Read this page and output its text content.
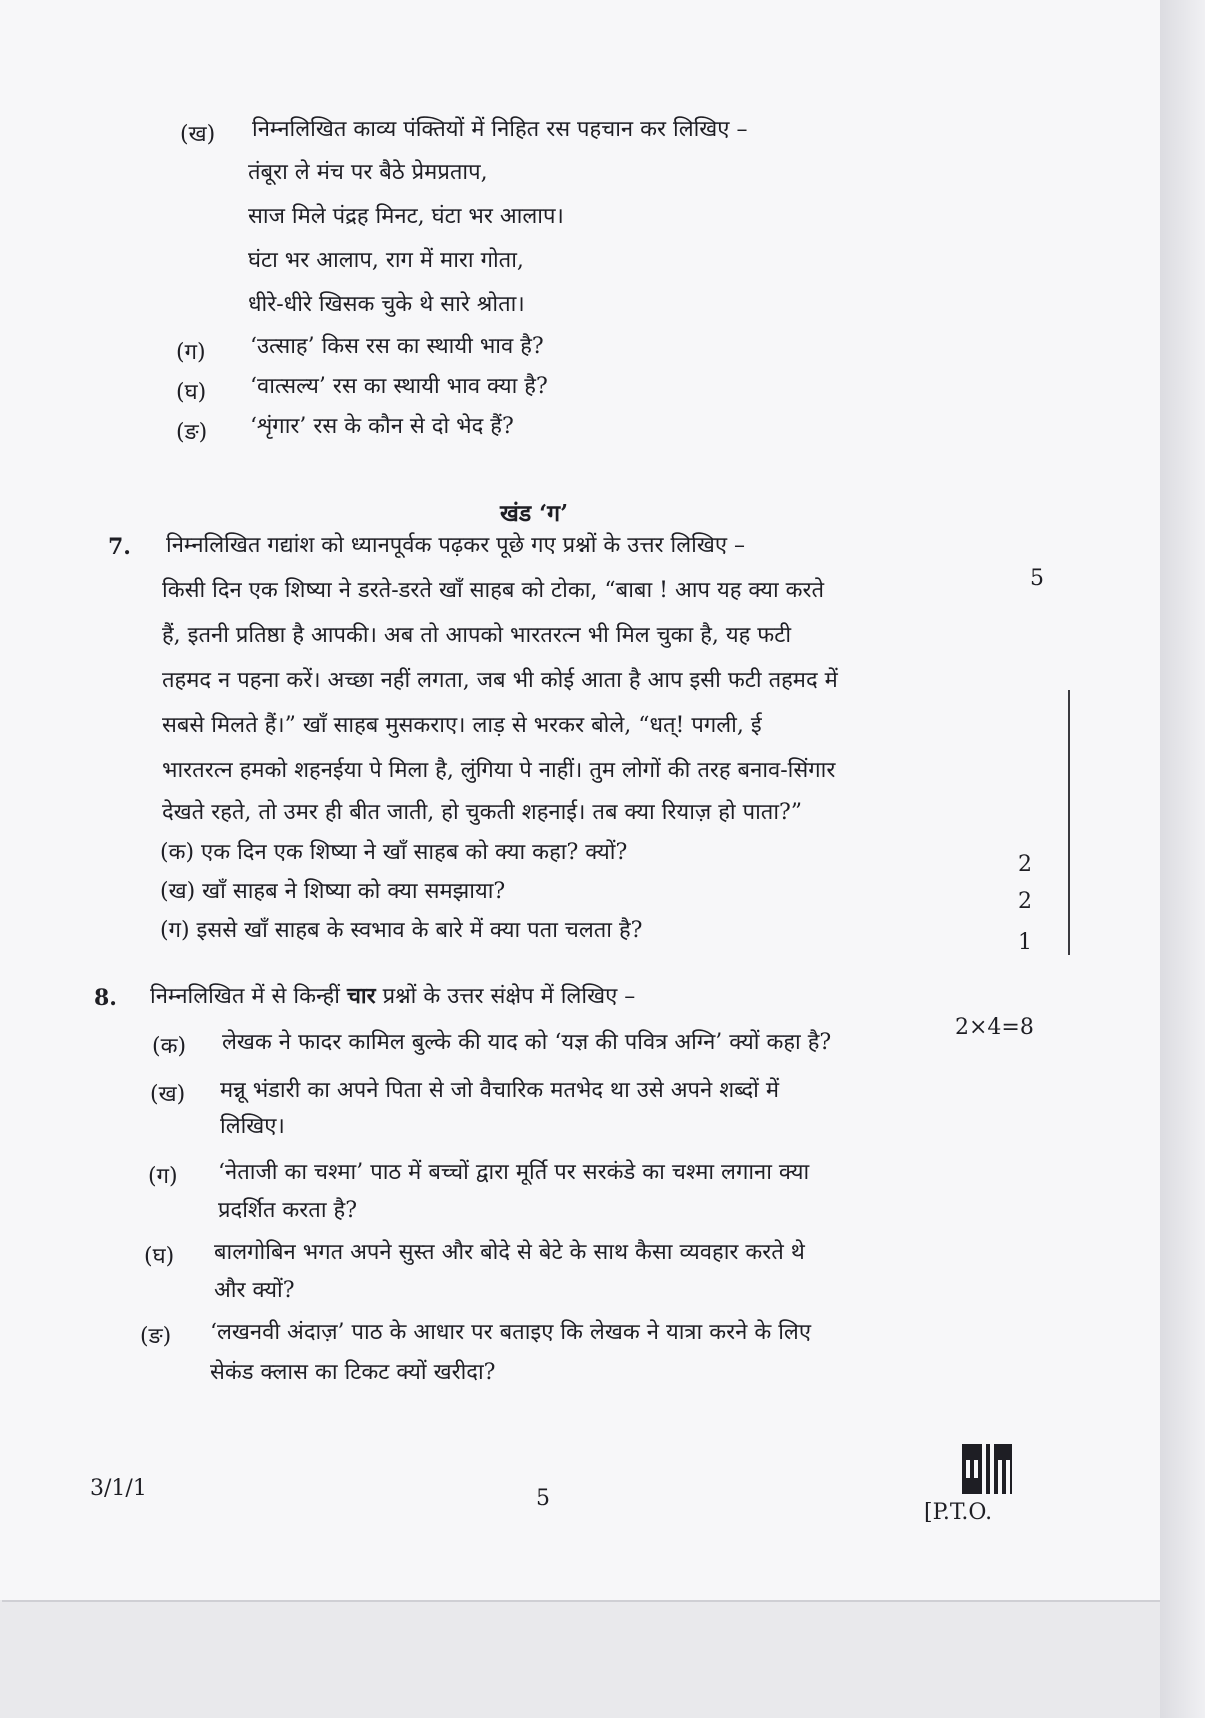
(ख) निम्नलिखित काव्य पंक्तियों में निहित रस पहचान कर लिखिए –
तंबूरा ले मंच पर बैठे प्रेमप्रताप,
साज मिले पंद्रह मिनट, घंटा भर आलाप।
घंटा भर आलाप, राग में मारा गोता,
धीरे-धीरे खिसक चुके थे सारे श्रोता।
(ग) ‘उत्साह’ किस रस का स्थायी भाव है?
(घ) ‘वात्सल्य’ रस का स्थायी भाव क्या है?
(ङ) ‘शृंगार’ रस के कौन से दो भेद हैं?
खंड ‘ग’
7.
5
निम्नलिखित गद्यांश को ध्यानपूर्वक पढ़कर पूछे गए प्रश्नों के उत्तर लिखिए –
किसी दिन एक शिष्या ने डरते-डरते खाँ साहब को टोका, “बाबा ! आप यह क्या करते
हैं, इतनी प्रतिष्ठा है आपकी। अब तो आपको भारतरत्न भी मिल चुका है, यह फटी
तहमद न पहना करें। अच्छा नहीं लगता, जब भी कोई आता है आप इसी फटी तहमद में
सबसे मिलते हैं।” खाँ साहब मुसकराए। लाड़ से भरकर बोले, “धत्! पगली, ई
भारतरत्न हमको शहनईया पे मिला है, लुंगिया पे नाहीं। तुम लोगों की तरह बनाव-सिंगार
देखते रहते, तो उमर ही बीत जाती, हो चुकती शहनाई। तब क्या रियाज़ हो पाता?”
(क) एक दिन एक शिष्या ने खाँ साहब को क्या कहा? क्यों?	2
(ख) खाँ साहब ने शिष्या को क्या समझाया?	2
(ग) इससे खाँ साहब के स्वभाव के बारे में क्या पता चलता है?	1
8. निम्नलिखित में से किन्हीं चार प्रश्नों के उत्तर संक्षेप में लिखिए –
2×4=8
(क) लेखक ने फादर कामिल बुल्के की याद को ‘यज्ञ की पवित्र अग्नि’ क्यों कहा है?
(ख) मन्नू भंडारी का अपने पिता से जो वैचारिक मतभेद था उसे अपने शब्दों में
लिखिए।
(ग) ‘नेताजी का चश्मा’ पाठ में बच्चों द्वारा मूर्ति पर सरकंडे का चश्मा लगाना क्या
प्रदर्शित करता है?
(घ) बालगोबिन भगत अपने सुस्त और बोदे से बेटे के साथ कैसा व्यवहार करते थे
और क्यों?
(ङ) ‘लखनवी अंदाज़’ पाठ के आधार पर बताइए कि लेखक ने यात्रा करने के लिए
सेकंड क्लास का टिकट क्यों खरीदा?
3/1/1	5
[P.T.O.
